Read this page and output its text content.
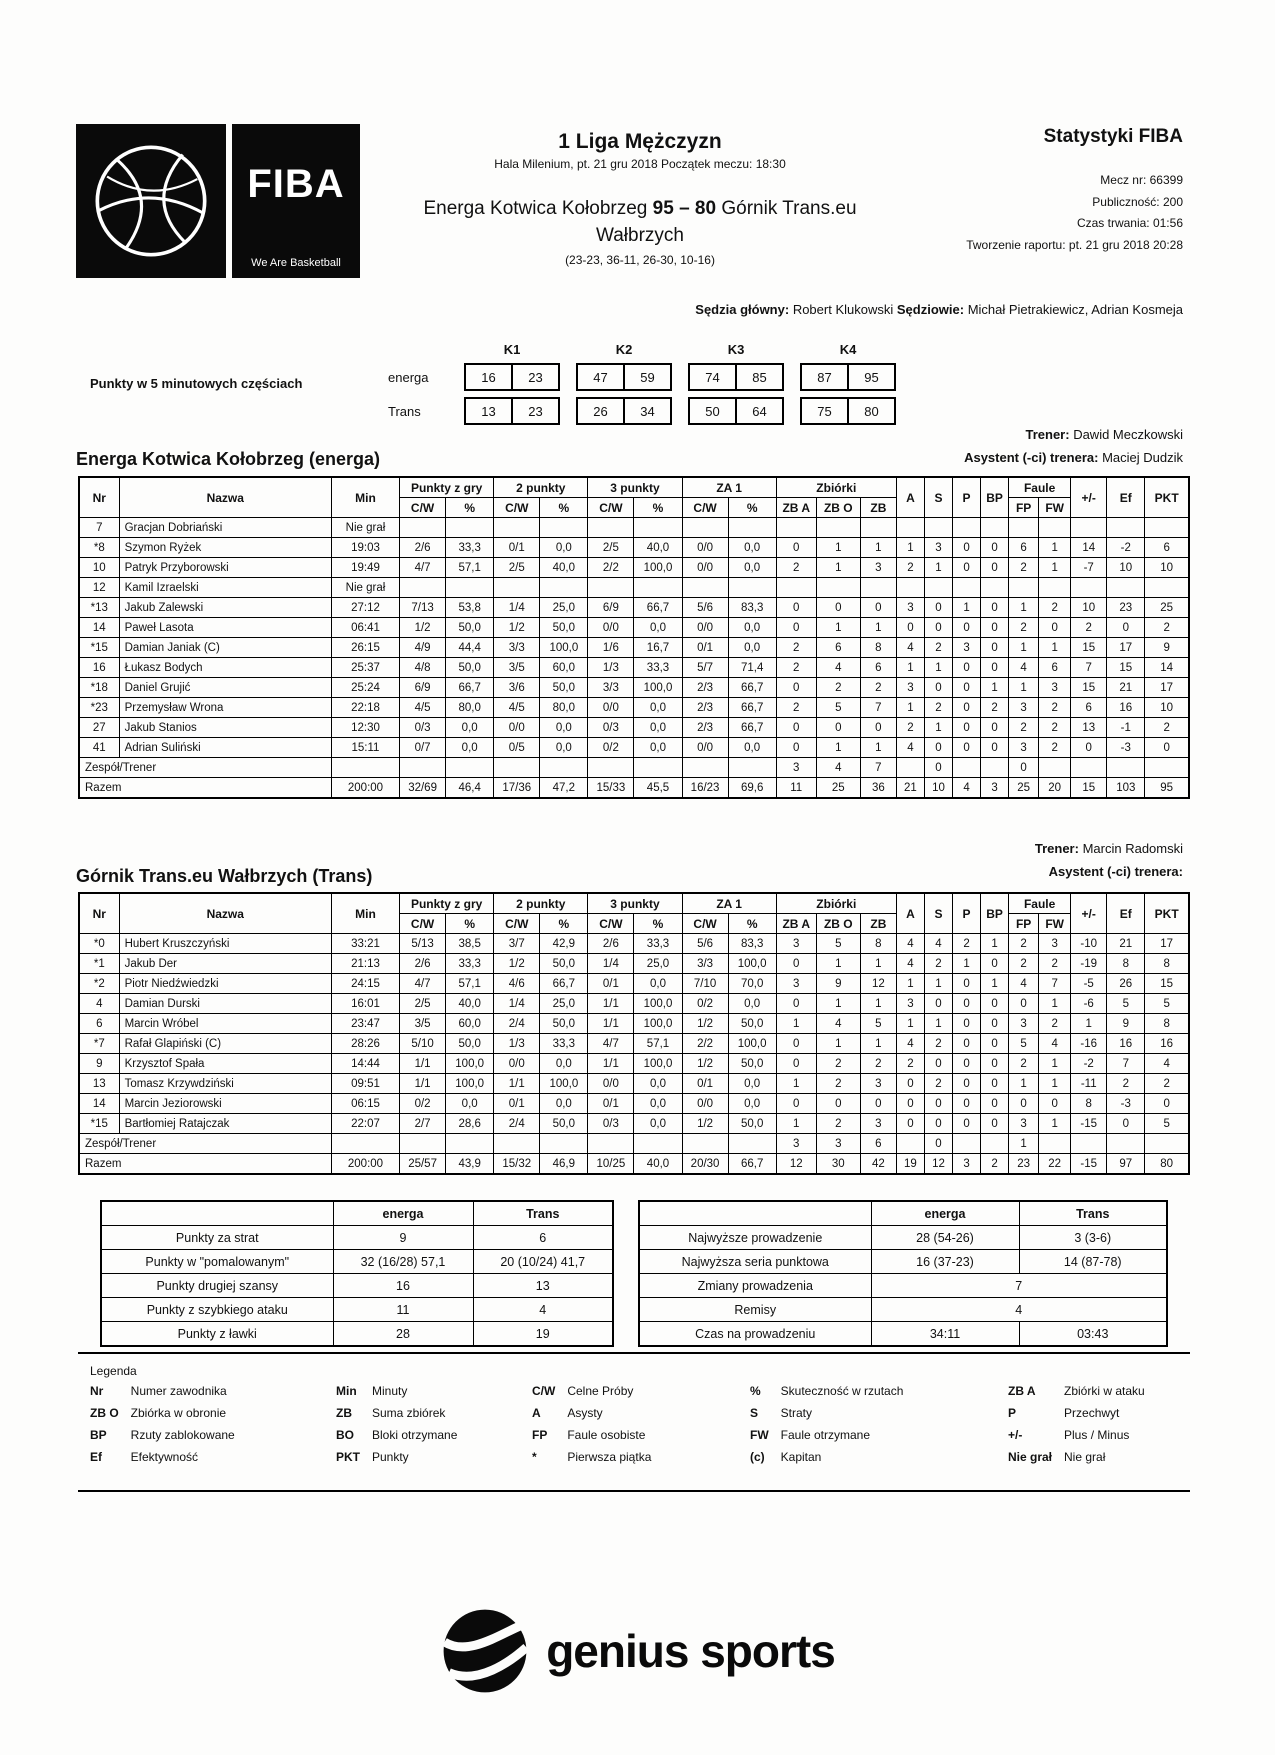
FIBA
We Are Basketball
1 Liga Mężczyzn
Hala Milenium, pt. 21 gru 2018 Początek meczu: 18:30
Energa Kotwica Kołobrzeg 95 – 80 Górnik Trans.eu Wałbrzych
(23-23, 36-11, 26-30, 10-16)
Statystyki FIBA
Mecz nr: 66399
Publiczność: 200
Czas trwania: 01:56
Tworzenie raportu: pt. 21 gru 2018 20:28
Sędzia główny: Robert Klukowski Sędziowie: Michał Pietrakiewicz, Adrian Kosmeja
Punkty w 5 minutowych częściach
K1	K2	K3	K4
energa	16	23	47	59	74	85	87	95
Trans	13	23	26	34	50	64	75	80
Trener: Dawid Meczkowski
Asystent (-ci) trenera: Maciej Dudzik
Energa Kotwica Kołobrzeg (energa)
Nr	Nazwa	Min	Punkty z gry		2 punkty		3 punkty		ZA 1		Zbiórki			A	S	P	BP	Faule		+/-	Ef	PKT
			C/W	%	C/W	%	C/W	%	C/W	%	ZB A	ZB O	ZB					FP	FW			
7	Gracjan Dobriański	Nie grał																				
*8	Szymon Ryżek	19:03	2/6	33,3	0/1	0,0	2/5	40,0	0/0	0,0	0	1	1	1	3	0	0	6	1	14	-2	6
10	Patryk Przyborowski	19:49	4/7	57,1	2/5	40,0	2/2	100,0	0/0	0,0	2	1	3	2	1	0	0	2	1	-7	10	10
12	Kamil Izraelski	Nie grał																				
*13	Jakub Zalewski	27:12	7/13	53,8	1/4	25,0	6/9	66,7	5/6	83,3	0	0	0	3	0	1	0	1	2	10	23	25
14	Paweł Lasota	06:41	1/2	50,0	1/2	50,0	0/0	0,0	0/0	0,0	0	1	1	0	0	0	0	2	0	2	0	2
*15	Damian Janiak (C)	26:15	4/9	44,4	3/3	100,0	1/6	16,7	0/1	0,0	2	6	8	4	2	3	0	1	1	15	17	9
16	Łukasz Bodych	25:37	4/8	50,0	3/5	60,0	1/3	33,3	5/7	71,4	2	4	6	1	1	0	0	4	6	7	15	14
*18	Daniel Grujić	25:24	6/9	66,7	3/6	50,0	3/3	100,0	2/3	66,7	0	2	2	3	0	0	1	1	3	15	21	17
*23	Przemysław Wrona	22:18	4/5	80,0	4/5	80,0	0/0	0,0	2/3	66,7	2	5	7	1	2	0	2	3	2	6	16	10
27	Jakub Stanios	12:30	0/3	0,0	0/0	0,0	0/3	0,0	2/3	66,7	0	0	0	2	1	0	0	2	2	13	-1	2
41	Adrian Suliński	15:11	0/7	0,0	0/5	0,0	0/2	0,0	0/0	0,0	0	1	1	4	0	0	0	3	2	0	-3	0
Zespół/Trener											3	4	7		0			0				
Razem		200:00	32/69	46,4	17/36	47,2	15/33	45,5	16/23	69,6	11	25	36	21	10	4	3	25	20	15	103	95
Trener: Marcin Radomski
Asystent (-ci) trenera:
Górnik Trans.eu Wałbrzych (Trans)
Nr	Nazwa	Min	Punkty z gry		2 punkty		3 punkty		ZA 1		Zbiórki			A	S	P	BP	Faule		+/-	Ef	PKT
			C/W	%	C/W	%	C/W	%	C/W	%	ZB A	ZB O	ZB					FP	FW			
*0	Hubert Kruszczyński	33:21	5/13	38,5	3/7	42,9	2/6	33,3	5/6	83,3	3	5	8	4	4	2	1	2	3	-10	21	17
*1	Jakub Der	21:13	2/6	33,3	1/2	50,0	1/4	25,0	3/3	100,0	0	1	1	4	2	1	0	2	2	-19	8	8
*2	Piotr Niedźwiedzki	24:15	4/7	57,1	4/6	66,7	0/1	0,0	7/10	70,0	3	9	12	1	1	0	1	4	7	-5	26	15
4	Damian Durski	16:01	2/5	40,0	1/4	25,0	1/1	100,0	0/2	0,0	0	1	1	3	0	0	0	0	1	-6	5	5
6	Marcin Wróbel	23:47	3/5	60,0	2/4	50,0	1/1	100,0	1/2	50,0	1	4	5	1	1	0	0	3	2	1	9	8
*7	Rafał Glapiński (C)	28:26	5/10	50,0	1/3	33,3	4/7	57,1	2/2	100,0	0	1	1	4	2	0	0	5	4	-16	16	16
9	Krzysztof Spała	14:44	1/1	100,0	0/0	0,0	1/1	100,0	1/2	50,0	0	2	2	2	0	0	0	2	1	-2	7	4
13	Tomasz Krzywdziński	09:51	1/1	100,0	1/1	100,0	0/0	0,0	0/1	0,0	1	2	3	0	2	0	0	1	1	-11	2	2
14	Marcin Jeziorowski	06:15	0/2	0,0	0/1	0,0	0/1	0,0	0/0	0,0	0	0	0	0	0	0	0	0	0	8	-3	0
*15	Bartłomiej Ratajczak	22:07	2/7	28,6	2/4	50,0	0/3	0,0	1/2	50,0	1	2	3	0	0	0	0	3	1	-15	0	5
Zespół/Trener											3	3	6		0			1				
Razem		200:00	25/57	43,9	15/32	46,9	10/25	40,0	20/30	66,7	12	30	42	19	12	3	2	23	22	-15	97	80
	energa	Trans
Punkty za strat	9	6
Punkty w "pomalowanym"	32 (16/28) 57,1	20 (10/24) 41,7
Punkty drugiej szansy	16	13
Punkty z szybkiego ataku	11	4
Punkty z ławki	28	19
	energa	Trans
Najwyższe prowadzenie	28 (54-26)	3 (3-6)
Najwyższa seria punktowa	16 (37-23)	14 (87-78)
Zmiany prowadzenia	7	
Remisy	4	
Czas na prowadzeniu	34:11	03:43
Legenda
Nr	Numer zawodnika
ZB O Zbiórka w obronie
BP	Rzuty zablokowane
Ef	Efektywność
Min Minuty
ZB	Suma zbiórek
BO	Bloki otrzymane
PKT Punkty
C/W Celne Próby
A	Asysty
FP	Faule osobiste
*	Pierwsza piątka
%	Skuteczność w rzutach
S	Straty
FW Faule otrzymane
(c)	Kapitan
ZB A	Zbiórki w ataku
P	Przechwyt
+/-	Plus / Minus
Nie grał Nie grał
genius sports
